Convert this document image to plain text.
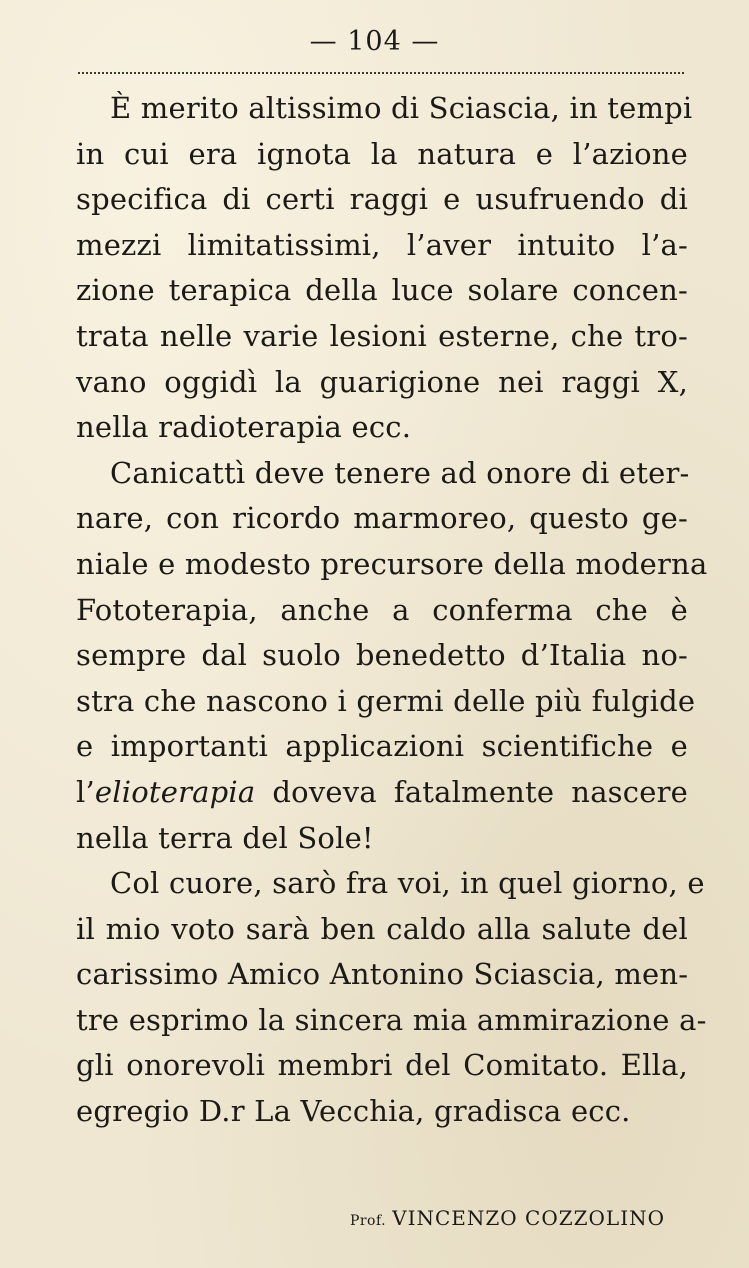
— 104 —
È merito altissimo di Sciascia, in tempi
in cui era ignota la natura e l’azione
specifica di certi raggi e usufruendo di
mezzi limitatissimi, l’aver intuito l’a-
zione terapica della luce solare concen-
trata nelle varie lesioni esterne, che tro-
vano oggidì la guarigione nei raggi X,
nella radioterapia ecc.
Canicattì deve tenere ad onore di eter-
nare, con ricordo marmoreo, questo ge-
niale e modesto precursore della moderna
Fototerapia, anche a conferma che è
sempre dal suolo benedetto d’Italia no-
stra che nascono i germi delle più fulgide
e importanti applicazioni scientifiche e
l’elioterapia doveva fatalmente nascere
nella terra del Sole!
Col cuore, sarò fra voi, in quel giorno, e
il mio voto sarà ben caldo alla salute del
carissimo Amico Antonino Sciascia, men-
tre esprimo la sincera mia ammirazione a-
gli onorevoli membri del Comitato. Ella,
egregio D.r La Vecchia, gradisca ecc.
Prof. VINCENZO COZZOLINO
